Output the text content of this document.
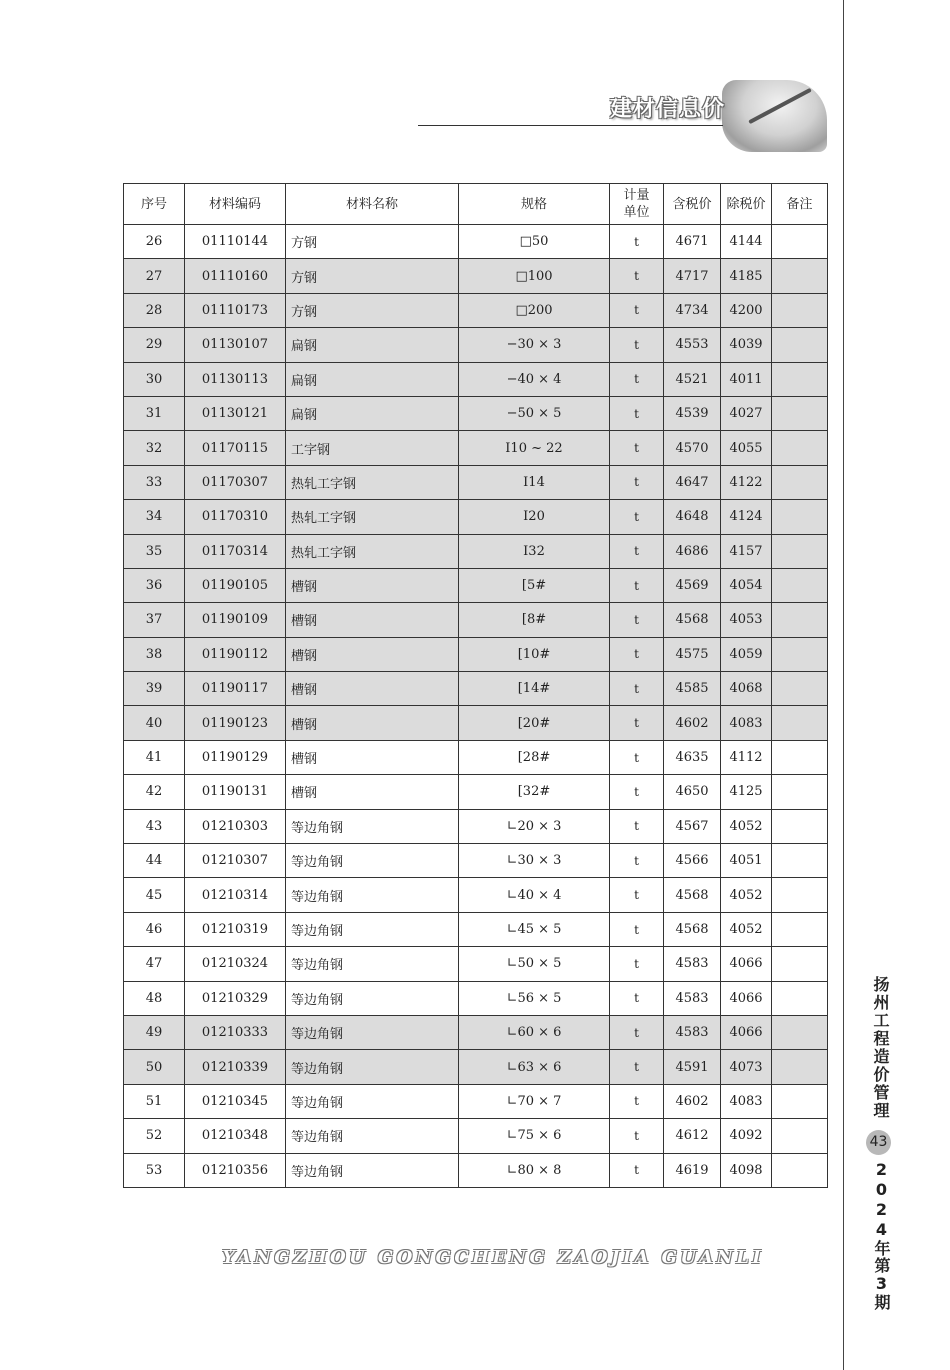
建材信息价
序号	材料编码	材料名称	规格	计量单位	含税价	除税价	备注
26	01110144	方钢	□50	t	4671	4144	
27	01110160	方钢	□100	t	4717	4185	
28	01110173	方钢	□200	t	4734	4200	
29	01130107	扁钢	−30 × 3	t	4553	4039	
30	01130113	扁钢	−40 × 4	t	4521	4011	
31	01130121	扁钢	−50 × 5	t	4539	4027	
32	01170115	工字钢	I10 ~ 22	t	4570	4055	
33	01170307	热轧工字钢	I14	t	4647	4122	
34	01170310	热轧工字钢	I20	t	4648	4124	
35	01170314	热轧工字钢	I32	t	4686	4157	
36	01190105	槽钢	[5#	t	4569	4054	
37	01190109	槽钢	[8#	t	4568	4053	
38	01190112	槽钢	[10#	t	4575	4059	
39	01190117	槽钢	[14#	t	4585	4068	
40	01190123	槽钢	[20#	t	4602	4083	
41	01190129	槽钢	[28#	t	4635	4112	
42	01190131	槽钢	[32#	t	4650	4125	
43	01210303	等边角钢	∟20 × 3	t	4567	4052	
44	01210307	等边角钢	∟30 × 3	t	4566	4051	
45	01210314	等边角钢	∟40 × 4	t	4568	4052	
46	01210319	等边角钢	∟45 × 5	t	4568	4052	
47	01210324	等边角钢	∟50 × 5	t	4583	4066	
48	01210329	等边角钢	∟56 × 5	t	4583	4066	
49	01210333	等边角钢	∟60 × 6	t	4583	4066	
50	01210339	等边角钢	∟63 × 6	t	4591	4073	
51	01210345	等边角钢	∟70 × 7	t	4602	4083	
52	01210348	等边角钢	∟75 × 6	t	4612	4092	
53	01210356	等边角钢	∟80 × 8	t	4619	4098	
YANGZHOU GONGCHENG ZAOJIA GUANLI
扬州工程造价管理
43
2024年第3期
